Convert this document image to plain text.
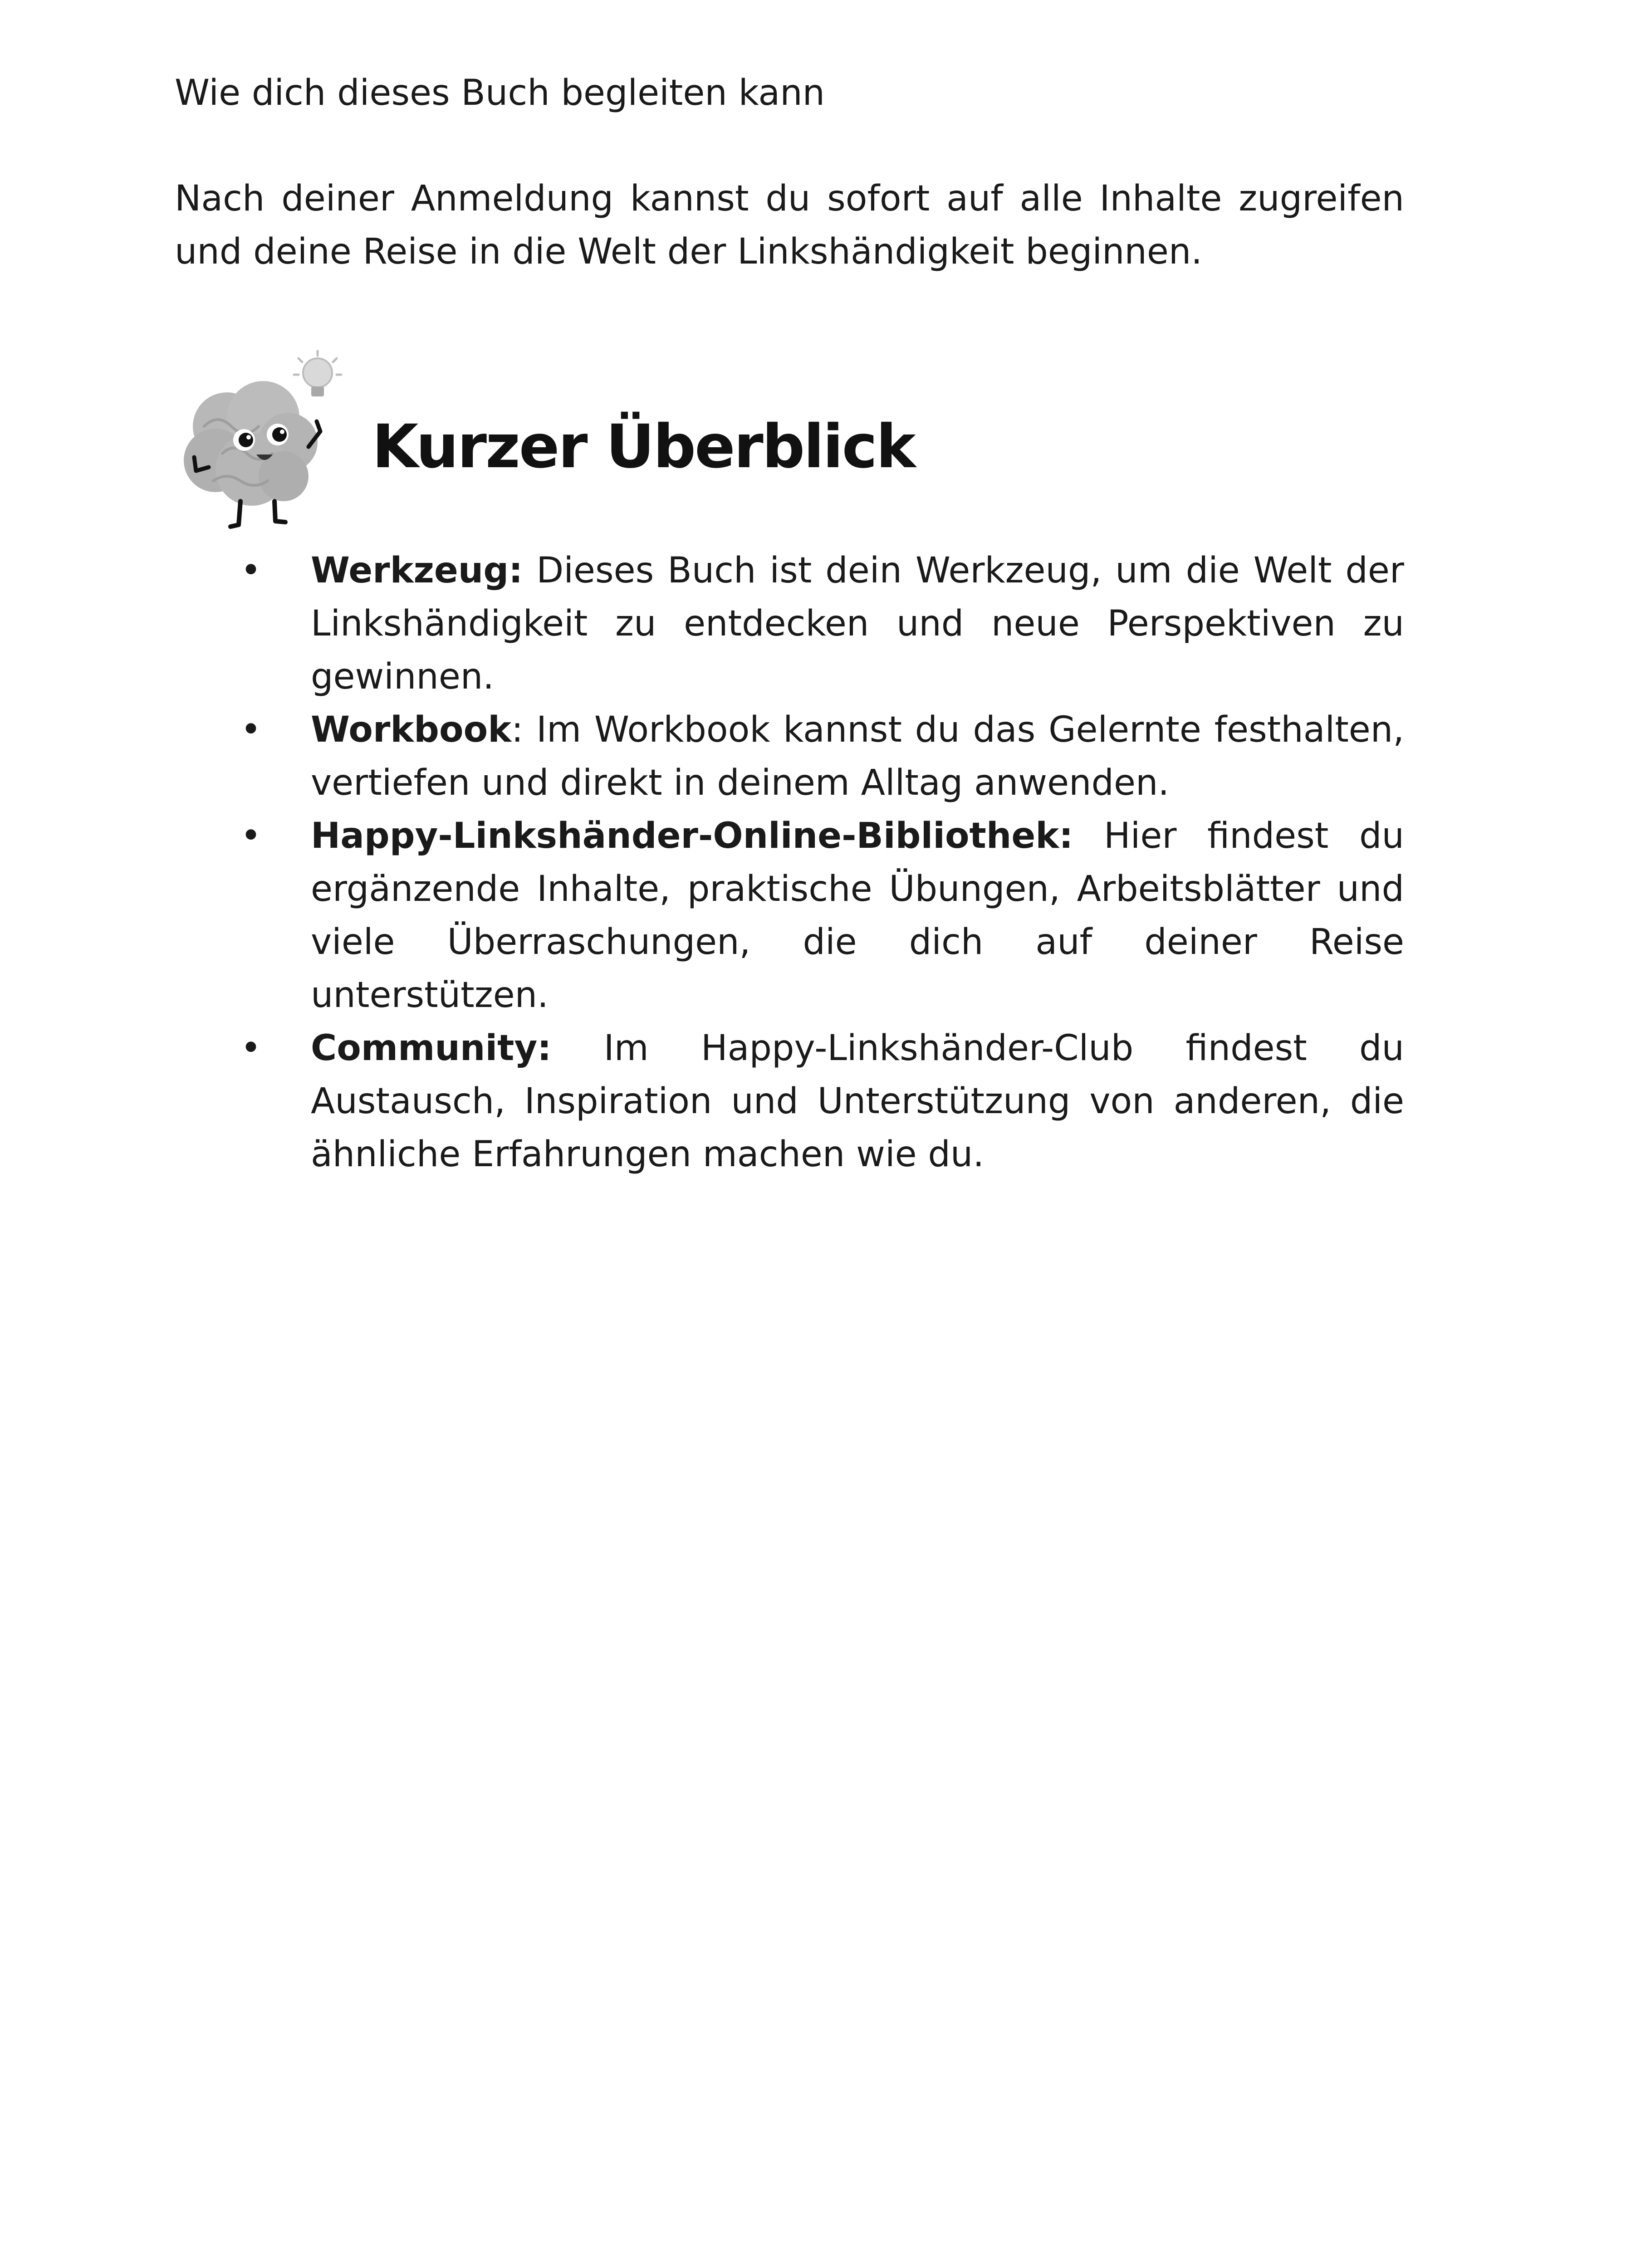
Wie dich dieses Buch begleiten kann

Nach deiner Anmeldung kannst du sofort auf alle Inhalte zugreifen und deine Reise in die Welt der Linkshändigkeit beginnen.

Kurzer Überblick
• Werkzeug: Dieses Buch ist dein Werkzeug, um die Welt der Linkshändigkeit zu entdecken und neue Perspektiven zu gewinnen.
• Workbook: Im Workbook kannst du das Gelernte festhalten, vertiefen und direkt in deinem Alltag anwenden.
• Happy-Linkshänder-Online-Bibliothek: Hier findest du ergänzende Inhalte, praktische Übungen, Arbeitsblätter und viele Überraschungen, die dich auf deiner Reise unterstützen.
• Community: Im Happy-Linkshänder-Club findest du Austausch, Inspiration und Unterstützung von anderen, die ähnliche Erfahrungen machen wie du.
